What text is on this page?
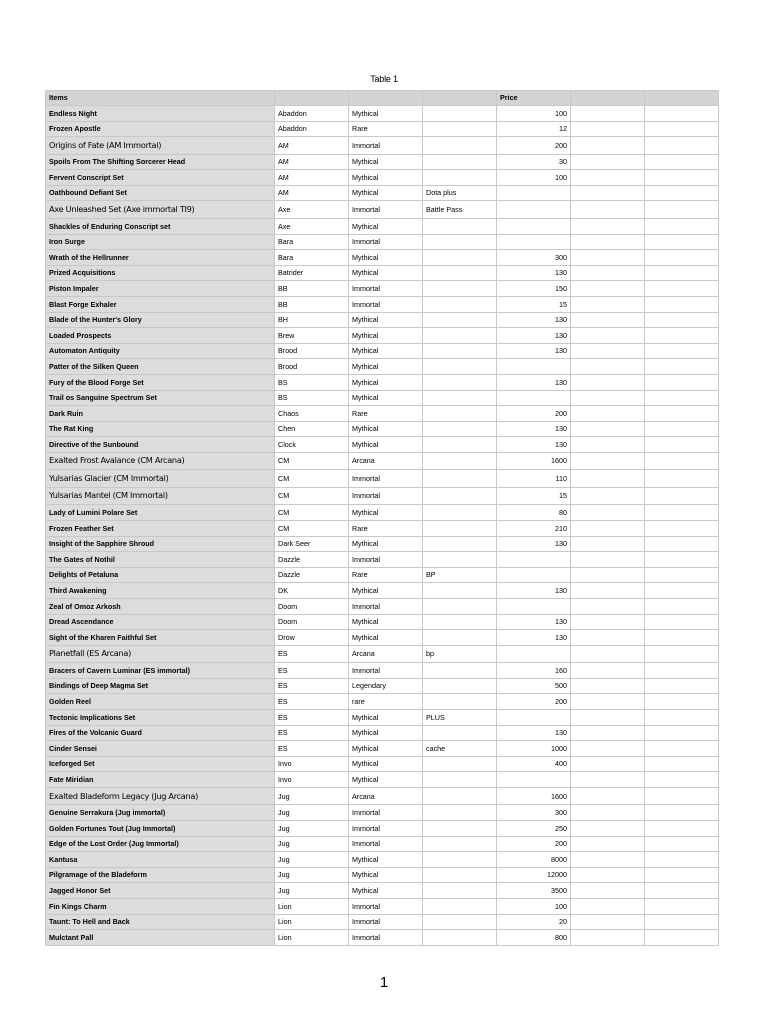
Table 1
Items				Price		
Endless Night	Abaddon	Mythical		100		
Frozen Apostle	Abaddon	Rare		12		
Origins of Fate (AM Immortal)	AM	Immortal		200		
Spoils From The Shifting Sorcerer Head	AM	Mythical		30		
Fervent Conscript Set	AM	Mythical		100		
Oathbound Defiant Set	AM	Mythical	Dota plus			
Axe Unleashed Set (Axe immortal TI9)	Axe	Immortal	Battle Pass			
Shackles of Enduring Conscript set	Axe	Mythical				
Iron Surge	Bara	Immortal				
Wrath of the Hellrunner	Bara	Mythical		300		
Prized Acquisitions	Batrider	Mythical		130		
Piston Impaler	BB	Immortal		150		
Blast Forge Exhaler	BB	Immortal		15		
Blade of the Hunter's Glory	BH	Mythical		130		
Loaded Prospects	Brew	Mythical		130		
Automaton Antiquity	Brood	Mythical		130		
Patter of the Silken Queen	Brood	Mythical				
Fury of the Blood Forge Set	BS	Mythical		130		
Trail os Sanguine Spectrum Set	BS	Mythical				
Dark Ruin	Chaos	Rare		200		
The Rat King	Chen	Mythical		130		
Directive of the Sunbound	Clock	Mythical		130		
Exalted Frost Avalance (CM Arcana)	CM	Arcana		1600		
Yulsarias Glacier (CM Immortal)	CM	Immortal		110		
Yulsarias Mantel (CM Immortal)	CM	Immortal		15		
Lady of Lumini Polare Set	CM	Mythical		80		
Frozen Feather Set	CM	Rare		210		
Insight of the Sapphire Shroud	Dark Seer	Mythical		130		
The Gates of Nothil	Dazzle	Immortal				
Delights of Petaluna	Dazzle	Rare	BP			
Third Awakening	DK	Mythical		130		
Zeal of Omoz Arkosh	Doom	Immortal				
Dread Ascendance	Doom	Mythical		130		
Sight of the Kharen Faithful Set	Drow	Mythical		130		
Planetfall (ES Arcana)	ES	Arcana	bp			
Bracers of Cavern Luminar (ES immortal)	ES	Immortal		160		
Bindings of Deep Magma Set	ES	Legendary		500		
Golden Reel	ES	rare		200		
Tectonic Implications Set	ES	Mythical	PLUS			
Fires of the Volcanic Guard	ES	Mythical		130		
Cinder Sensei	ES	Mythical	cache	1000		
Iceforged Set	Invo	Mythical		400		
Fate Miridian	Invo	Mythical				
Exalted Bladeform Legacy (Jug Arcana)	Jug	Arcana		1600		
Genuine Serrakura (Jug immortal)	Jug	Immortal		300		
Golden Fortunes Tout (Jug Immortal)	Jug	Immortal		250		
Edge of the Lost Order (Jug Immortal)	Jug	Immortal		200		
Kantusa	Jug	Mythical		8000		
Pilgramage of the Bladeform	Jug	Mythical		12000		
Jagged Honor Set	Jug	Mythical		3500		
Fin Kings Charm	Lion	Immortal		100		
Taunt: To Hell and Back	Lion	Immortal		20		
Mulctant Pall	Lion	Immortal		800		
1
